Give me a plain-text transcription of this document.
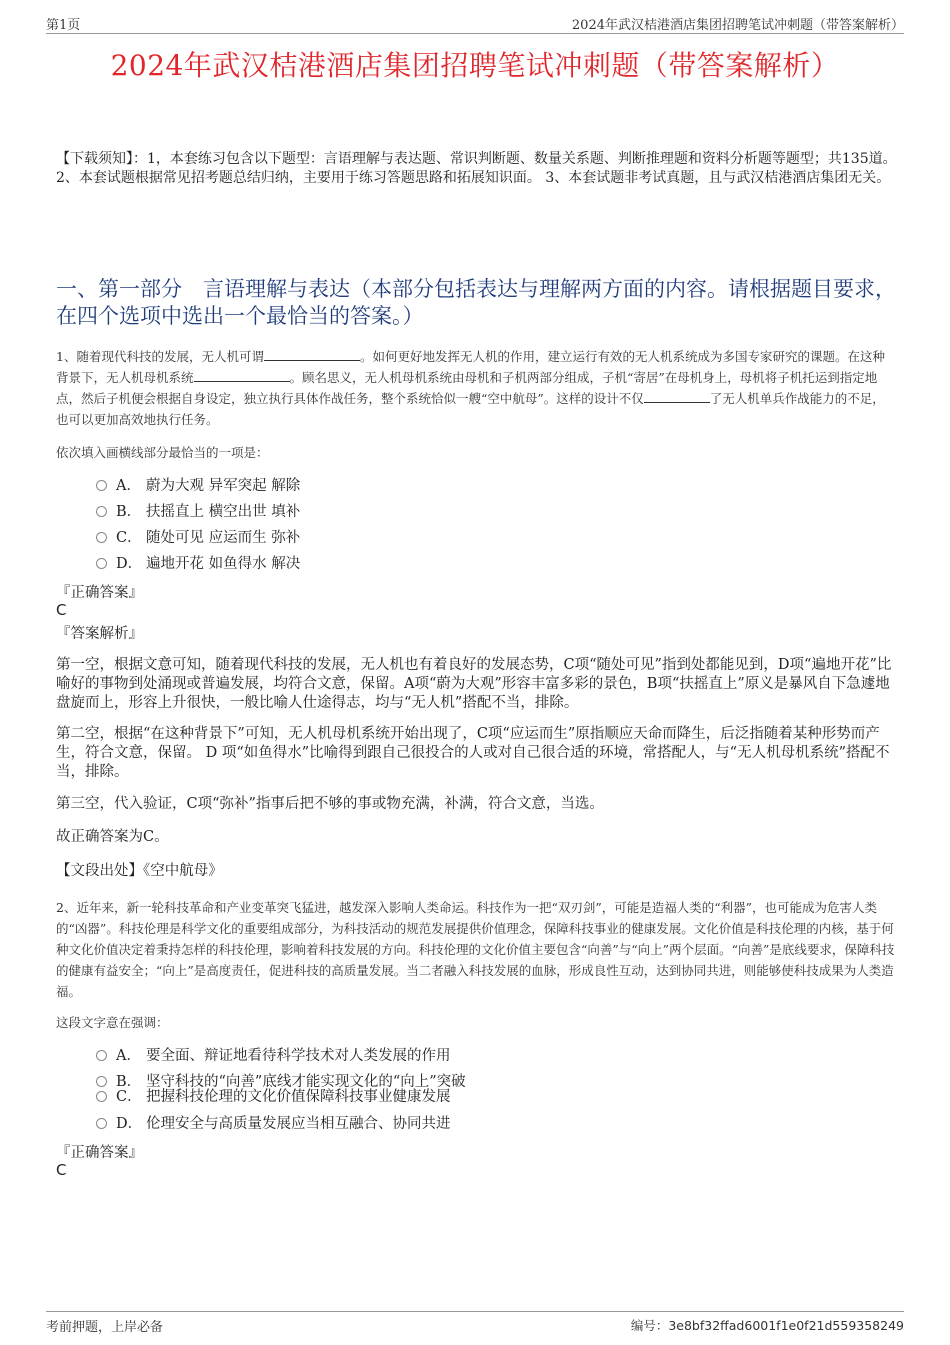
第1页	2024年武汉桔港酒店集团招聘笔试冲刺题（带答案解析）
2024年武汉桔港酒店集团招聘笔试冲刺题（带答案解析）
【下载须知】：1，本套练习包含以下题型：言语理解与表达题、常识判断题、数量关系题、判断推理题和资料分析题等题型；共135道。 2、本套试题根据常见招考题总结归纳，主要用于练习答题思路和拓展知识面。 3、本套试题非考试真题，且与武汉桔港酒店集团无关。
一、第一部分　言语理解与表达（本部分包括表达与理解两方面的内容。请根据题目要求，在四个选项中选出一个最恰当的答案。）
1、随着现代科技的发展，无人机可谓	。如何更好地发挥无人机的作用，建立运行有效的无人机系统成为多国专家研究的课题。在这种背景下，无人机母机系统	。顾名思义，无人机母机系统由母机和子机两部分组成，子机“寄居”在母机身上，母机将子机托运到指定地点，然后子机便会根据自身设定，独立执行具体作战任务，整个系统恰似一艘“空中航母”。这样的设计不仅	了无人机单兵作战能力的不足，也可以更加高效地执行任务。
依次填入画横线部分最恰当的一项是：
A． 蔚为大观 异军突起 解除
B． 扶摇直上 横空出世 填补
C． 随处可见 应运而生 弥补
D． 遍地开花 如鱼得水 解决
『正确答案』
C
『答案解析』
第一空，根据文意可知，随着现代科技的发展，无人机也有着良好的发展态势，C项“随处可见”指到处都能见到，D项“遍地开花”比喻好的事物到处涌现或普遍发展，均符合文意，保留。A项“蔚为大观”形容丰富多彩的景色，B项“扶摇直上”原义是暴风自下急遽地盘旋而上，形容上升很快，一般比喻人仕途得志，均与“无人机”搭配不当，排除。
第二空，根据“在这种背景下”可知，无人机母机系统开始出现了，C项“应运而生”原指顺应天命而降生，后泛指随着某种形势而产生，符合文意，保留。 D 项“如鱼得水”比喻得到跟自己很投合的人或对自己很合适的环境，常搭配人，与“无人机母机系统”搭配不当，排除。
第三空，代入验证，C项“弥补”指事后把不够的事或物充满，补满，符合文意，当选。
故正确答案为C。
【文段出处】《空中航母》
2、近年来，新一轮科技革命和产业变革突飞猛进，越发深入影响人类命运。科技作为一把“双刃剑”，可能是造福人类的“利器”，也可能成为危害人类的“凶器”。科技伦理是科学文化的重要组成部分，为科技活动的规范发展提供价值理念，保障科技事业的健康发展。文化价值是科技伦理的内核，基于何种文化价值决定着秉持怎样的科技伦理，影响着科技发展的方向。科技伦理的文化价值主要包含“向善”与“向上”两个层面。“向善”是底线要求，保障科技的健康有益安全；“向上”是高度责任，促进科技的高质量发展。当二者融入科技发展的血脉，形成良性互动，达到协同共进，则能够使科技成果为人类造福。
这段文字意在强调：
A． 要全面、辩证地看待科学技术对人类发展的作用
B． 坚守科技的“向善”底线才能实现文化的“向上”突破
C． 把握科技伦理的文化价值保障科技事业健康发展
D． 伦理安全与高质量发展应当相互融合、协同共进
『正确答案』
C
考前押题，上岸必备	编号：3e8bf32ffad6001f1e0f21d559358249
